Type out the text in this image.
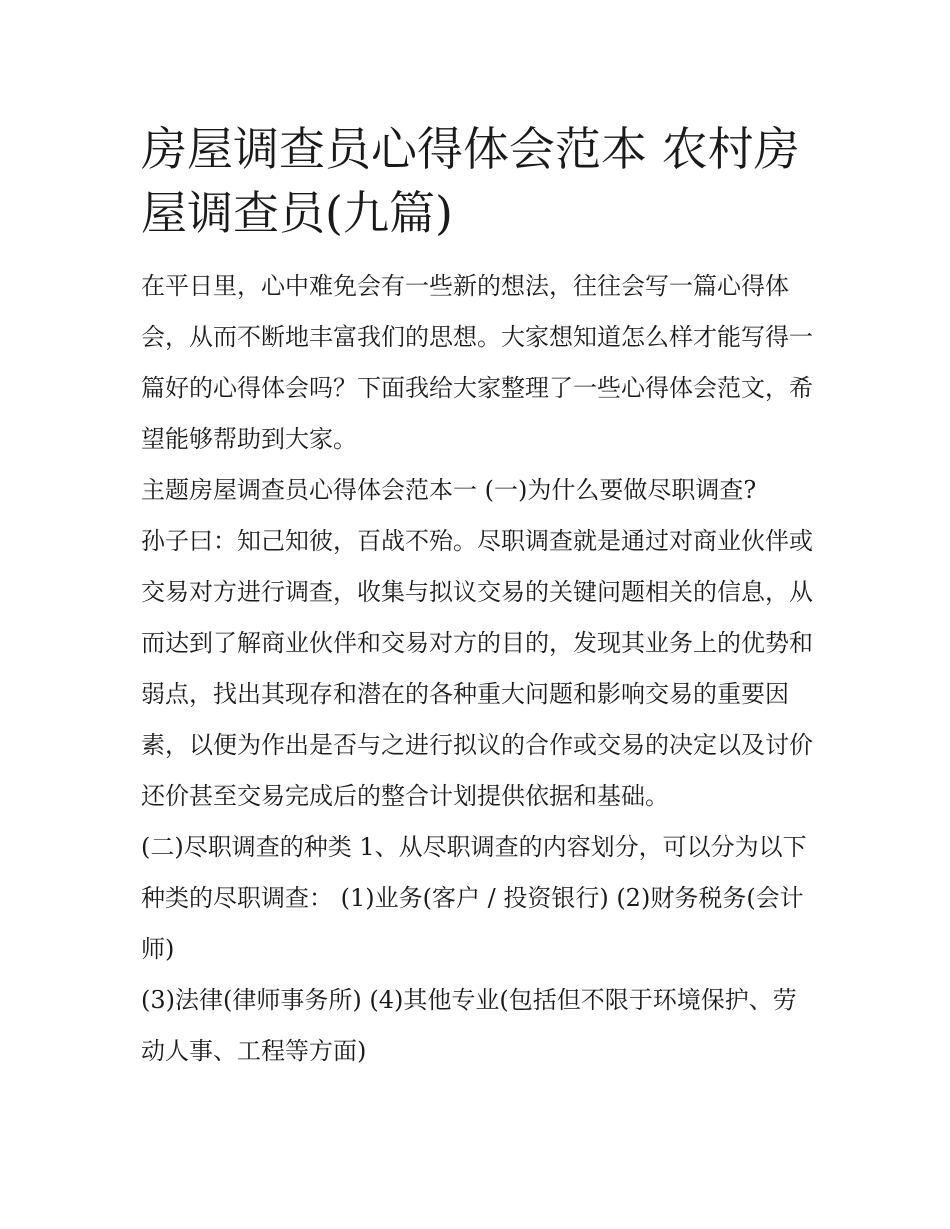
房屋调查员心得体会范本 农村房屋调查员(九篇)

在平日里，心中难免会有一些新的想法，往往会写一篇心得体会，从而不断地丰富我们的思想。大家想知道怎么样才能写得一篇好的心得体会吗？下面我给大家整理了一些心得体会范文，希望能够帮助到大家。

主题房屋调查员心得体会范本一 (一)为什么要做尽职调查?

孙子曰：知己知彼，百战不殆。尽职调查就是通过对商业伙伴或交易对方进行调查，收集与拟议交易的关键问题相关的信息，从而达到了解商业伙伴和交易对方的目的，发现其业务上的优势和弱点，找出其现存和潜在的各种重大问题和影响交易的重要因素，以便为作出是否与之进行拟议的合作或交易的决定以及讨价还价甚至交易完成后的整合计划提供依据和基础。

(二)尽职调查的种类 1、从尽职调查的内容划分，可以分为以下种类的尽职调查： (1)业务(客户 / 投资银行) (2)财务税务(会计师)

(3)法律(律师事务所) (4)其他专业(包括但不限于环境保护、劳动人事、工程等方面)
